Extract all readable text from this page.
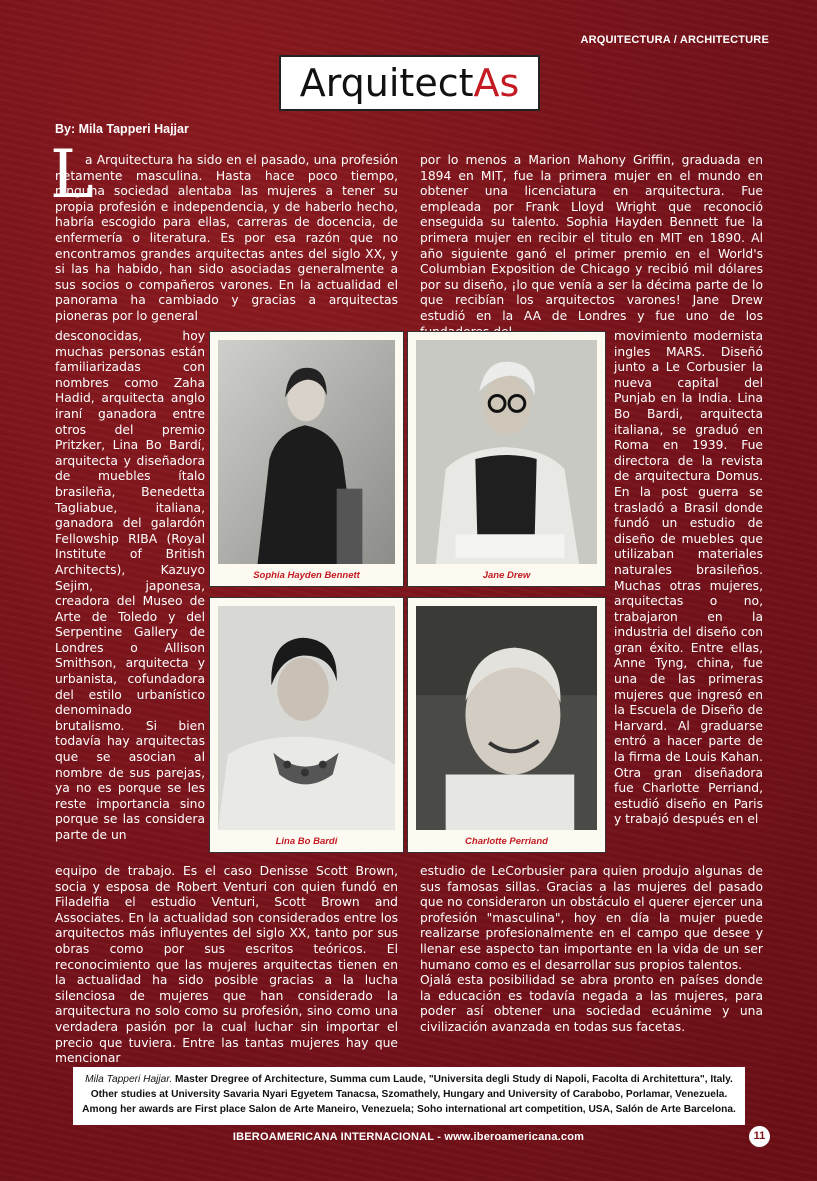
ARQUITECTURA / ARCHITECTURE
ArquitectAs
By: Mila Tapperi Hajjar
L

a Arquitectura ha sido en el pasado, una profesión netamente masculina. Hasta hace poco tiempo, ninguna sociedad alentaba las mujeres a tener su propia profesión e independencia, y de haberlo hecho, habría escogido para ellas, carreras de docencia, de enfermería o literatura. Es por esa razón que no encontramos grandes arquitectas antes del siglo XX, y si las ha habido, han sido asociadas generalmente a sus socios o compañeros varones. En la actualidad el panorama ha cambiado y gracias a arquitectas pioneras por lo general

desconocidas, hoy muchas personas están familiarizadas con nombres como Zaha Hadid, arquitecta anglo iraní ganadora entre otros del premio Pritzker, Lina Bo Bardí, arquitecta y diseñadora de muebles ítalo brasileña, Benedetta Tagliabue, italiana, ganadora del galardón Fellowship RIBA (Royal Institute of British Architects), Kazuyo Sejim, japonesa, creadora del Museo de Arte de Toledo y del Serpentine Gallery de Londres o Allison Smithson, arquitecta y urbanista, cofundadora del estilo urbanístico denominado brutalismo. Si bien todavía hay arquitectas que se asocian al nombre de sus parejas, ya no es porque se les reste importancia sino porque se las considera parte de un

equipo de trabajo. Es el caso Denisse Scott Brown, socia y esposa de Robert Venturi con quien fundó en Filadelfia el estudio Venturi, Scott Brown and Associates. En la actualidad son considerados entre los arquitectos más influyentes del siglo XX, tanto por sus obras como por sus escritos teóricos. El reconocimiento que las mujeres arquitectas tienen en la actualidad ha sido posible gracias a la lucha silenciosa de mujeres que han considerado la arquitectura no solo como su profesión, sino como una verdadera pasión por la cual luchar sin importar el precio que tuviera. Entre las tantas mujeres hay que mencionar

por lo menos a Marion Mahony Griffin, graduada en 1894 en MIT, fue la primera mujer en el mundo en obtener una licenciatura en arquitectura. Fue empleada por Frank Lloyd Wright que reconoció enseguida su talento. Sophia Hayden Bennett fue la primera mujer en recibir el titulo en MIT en 1890. Al año siguiente ganó el primer premio en el World's Columbian Exposition de Chicago y recibió mil dólares por su diseño, ¡lo que venía a ser la décima parte de lo que recibían los arquitectos varones! Jane Drew estudió en la AA de Londres y fue uno de los

movimiento modernista ingles MARS. Diseñó junto a Le Corbusier la nueva capital del Punjab en la India. Lina Bo Bardi, arquitecta italiana, se graduó en Roma en 1939. Fue directora de la revista de arquitectura Domus. En la post guerra se trasladó a Brasil donde fundó un estudio de diseño de muebles que utilizaban materiales naturales brasileños. Muchas otras mujeres, arquitectas o no, trabajaron en la industria del diseño con gran éxito. Entre ellas, Anne Tyng, china, fue una de las primeras mujeres que ingresó en la Escuela de Diseño de Harvard. Al graduarse entró a hacer parte de la firma de Louis Kahan. Otra gran diseñadora fue Charlotte Perriand, estudió diseño en Paris y trabajó después en el

estudio de LeCorbusier para quien produjo algunas de sus famosas sillas. Gracias a las mujeres del pasado que no consideraron un obstáculo el querer ejercer una profesión "masculina", hoy en día la mujer puede realizarse profesionalmente en el campo que desee y llenar ese aspecto tan importante en la vida de un ser humano como es el desarrollar sus propios talentos.

Ojalá esta posibilidad se abra pronto en países donde la educación es todavía negada a las mujeres, para poder así obtener una sociedad ecuánime y una civilización avanzada en todas sus facetas.

Sophia Hayden Bennett	Jane Drew
Lina Bo Bardi	Charlotte Perriand
Mila Tapperi Hajjar. Master Dregree of Architecture, Summa cum Laude, "Universita degli Study di Napoli, Facolta di Architettura", Italy.
Other studies at University Savaria Nyari Egyetem Tanacsa, Szomathely, Hungary and University of Carabobo, Porlamar, Venezuela.
Among her awards are First place Salon de Arte Maneiro, Venezuela; Soho international art competition, USA, Salón de Arte Barcelona.
IBEROAMERICANA INTERNACIONAL - www.iberoamericana.com	11
